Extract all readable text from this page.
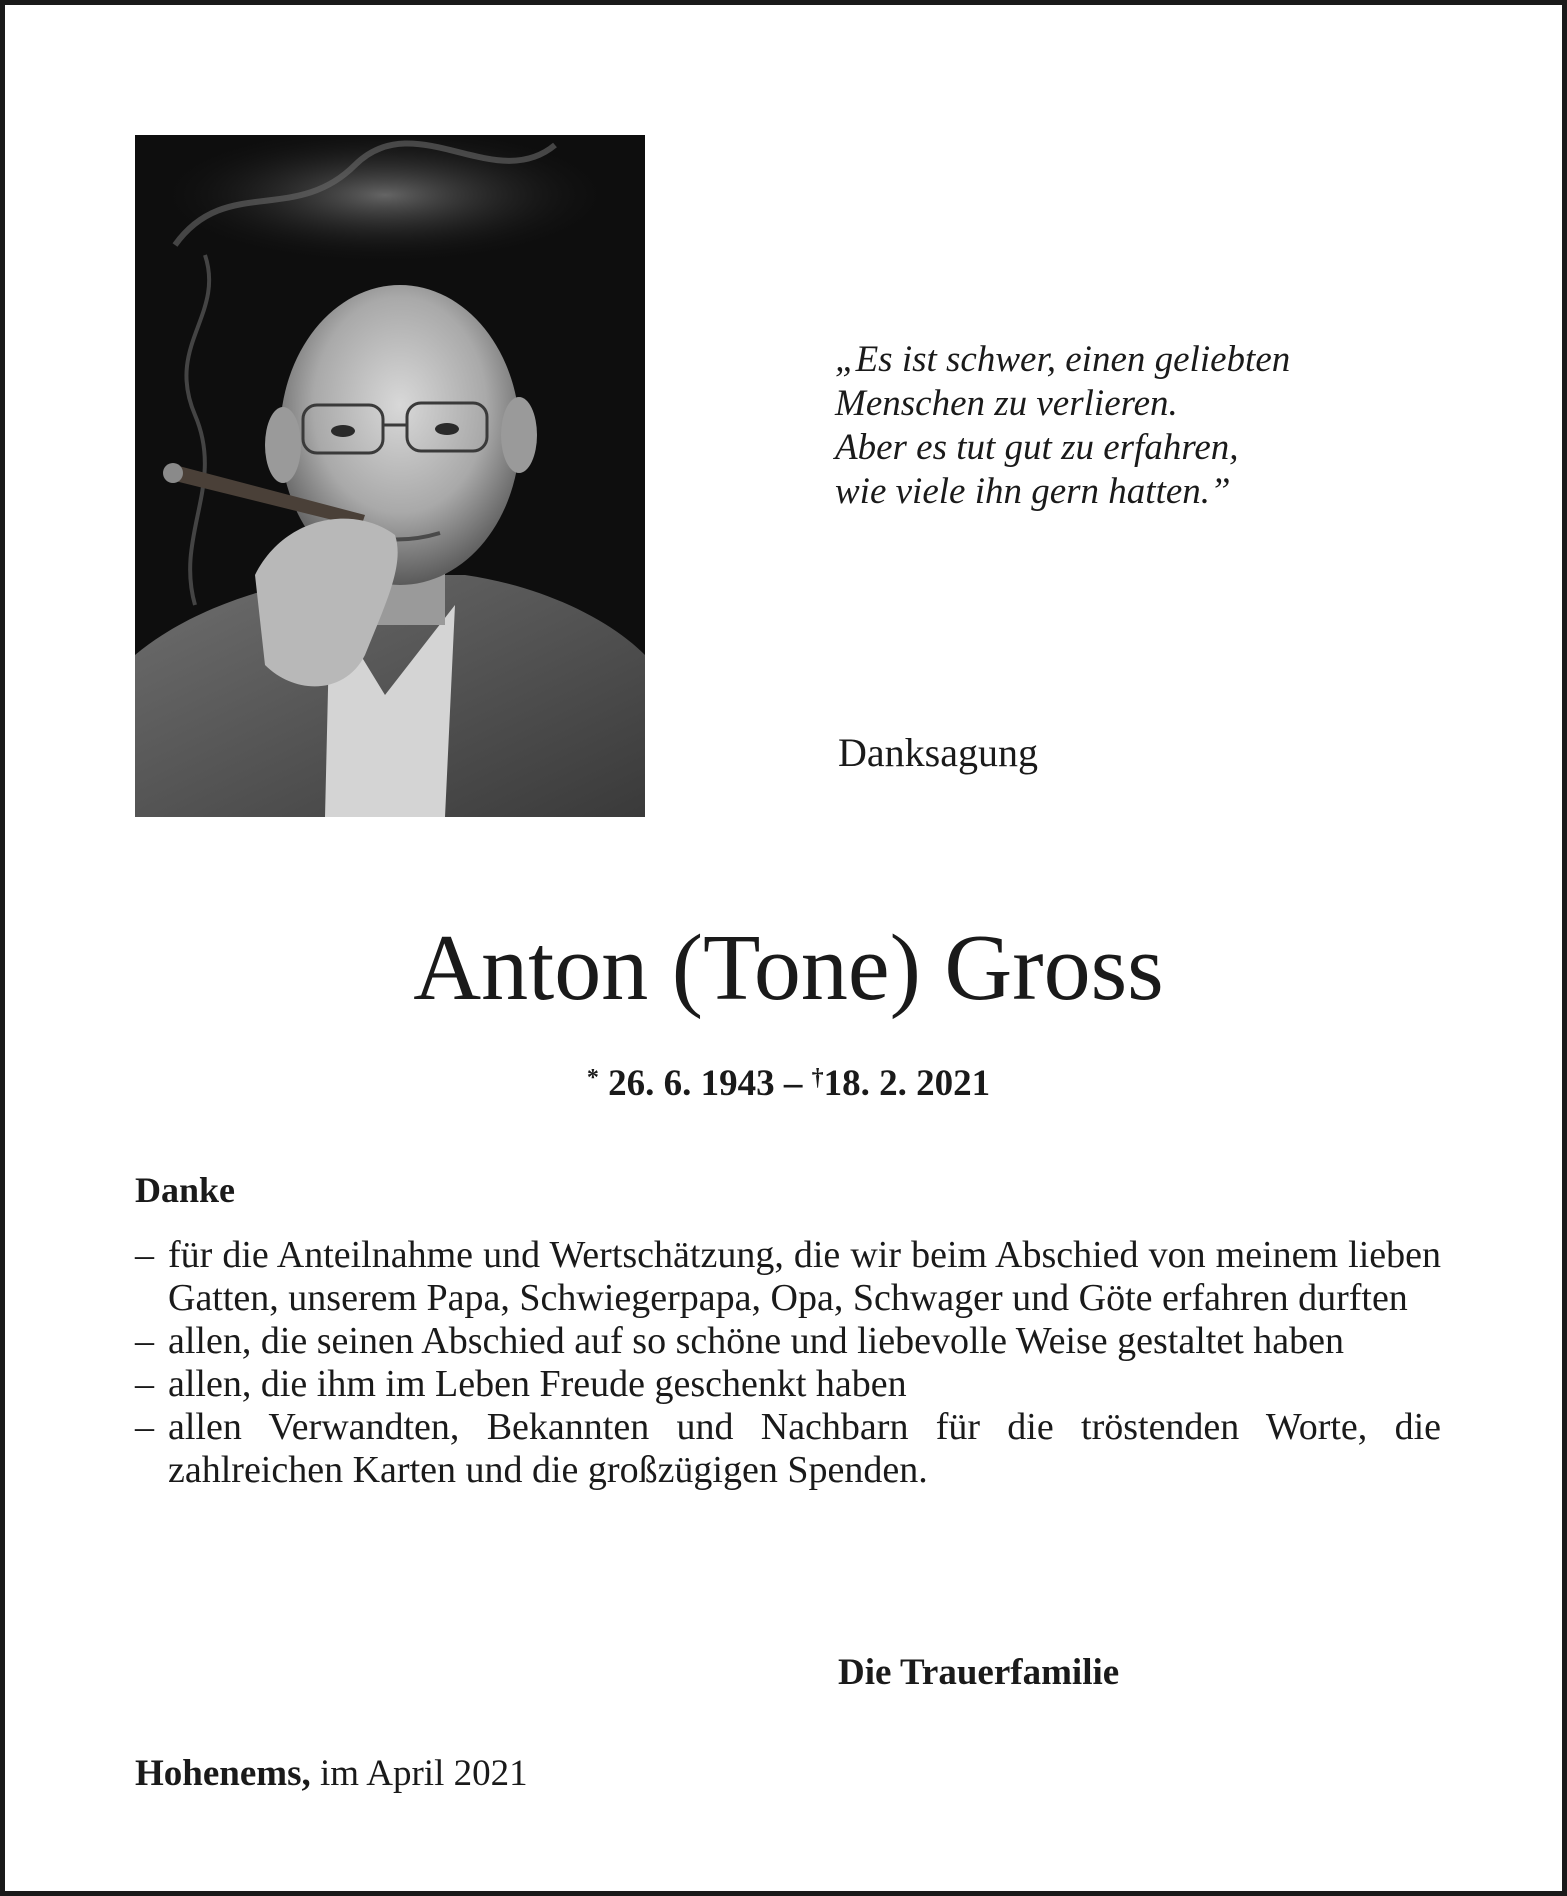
„Es ist schwer, einen geliebten
Menschen zu verlieren.
Aber es tut gut zu erfahren,
wie viele ihn gern hatten.”
Danksagung
Anton (Tone) Gross
* 26. 6. 1943 – †18. 2. 2021
Danke
– für die Anteilnahme und Wertschätzung, die wir beim Abschied von meinem lieben Gatten, unserem Papa, Schwiegerpapa, Opa, Schwager und Göte erfahren durften
– allen, die seinen Abschied auf so schöne und liebevolle Weise gestaltet haben
– allen, die ihm im Leben Freude geschenkt haben
– allen Verwandten, Bekannten und Nachbarn für die tröstenden Worte, die zahlreichen Karten und die großzügigen Spenden.
Die Trauerfamilie
Hohenems, im April 2021
